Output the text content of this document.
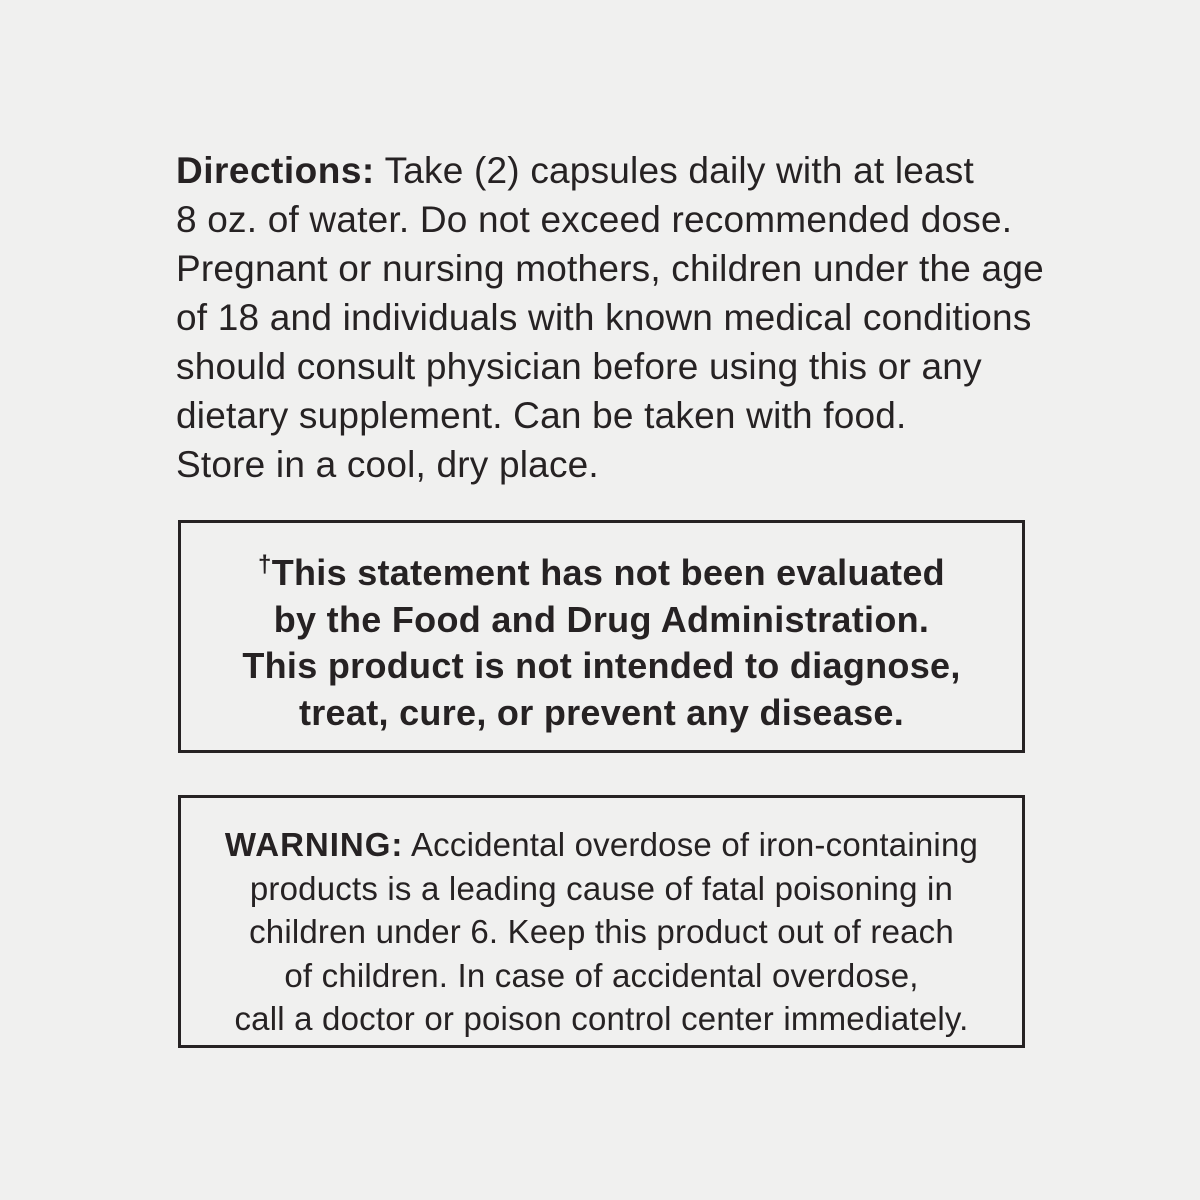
Directions: Take (2) capsules daily with at least
8 oz. of water. Do not exceed recommended dose.
Pregnant or nursing mothers, children under the age
of 18 and individuals with known medical conditions
should consult physician before using this or any
dietary supplement. Can be taken with food.
Store in a cool, dry place.
†This statement has not been evaluated
by the Food and Drug Administration.
This product is not intended to diagnose,
treat, cure, or prevent any disease.
WARNING: Accidental overdose of iron-containing
products is a leading cause of fatal poisoning in
children under 6. Keep this product out of reach
of children. In case of accidental overdose,
call a doctor or poison control center immediately.
